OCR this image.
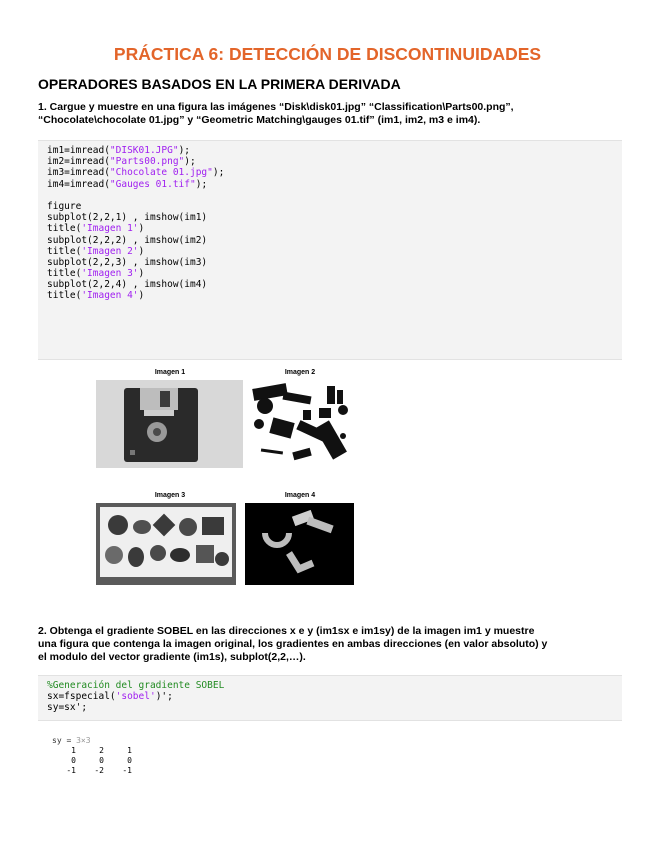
PRÁCTICA 6: DETECCIÓN DE DISCONTINUIDADES
OPERADORES BASADOS EN LA PRIMERA DERIVADA
1. Cargue y muestre en una figura las imágenes “Disk\disk01.jpg” “Classification\Parts00.png”,
“Chocolate\chocolate 01.jpg” y “Geometric Matching\gauges 01.tif” (im1, im2, m3 e im4).
im1=imread("DISK01.JPG");
im2=imread("Parts00.png");
im3=imread("Chocolate 01.jpg");
im4=imread("Gauges 01.tif");
figure
subplot(2,2,1) , imshow(im1)
title('Imagen 1')
subplot(2,2,2) , imshow(im2)
title('Imagen 2')
subplot(2,2,3) , imshow(im3)
title('Imagen 3')
subplot(2,2,4) , imshow(im4)
title('Imagen 4')
Imagen 1	Imagen 2
Imagen 3	Imagen 4
2. Obtenga el gradiente SOBEL en las direcciones x e y (im1sx e im1sy) de la imagen im1 y muestre
una figura que contenga la imagen original, los gradientes en ambas direcciones (en valor absoluto) y
el modulo del vector gradiente (im1s), subplot(2,2,…).
%Generación del gradiente SOBEL
sx=fspecial('sobel')';
sy=sx';
sy = 3×3
1	2	1
0	0	0
-1	-2	-1
